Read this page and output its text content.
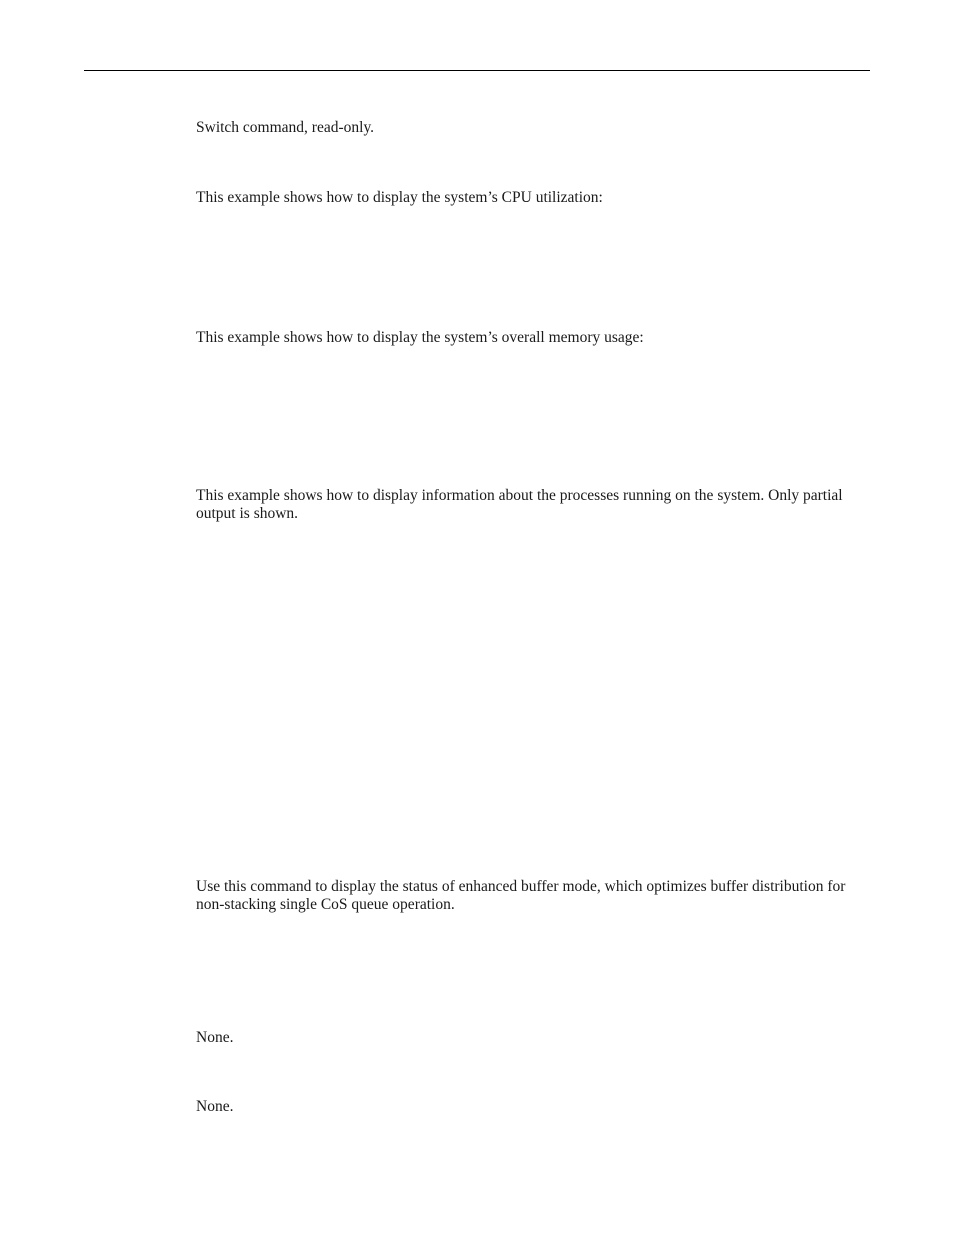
Switch command, read-only.

This example shows how to display the system’s CPU utilization:

This example shows how to display the system’s overall memory usage:

This example shows how to display information about the processes running on the system. Only partial output is shown.

Use this command to display the status of enhanced buffer mode, which optimizes buffer distribution for non-stacking single CoS queue operation.

None.

None.
